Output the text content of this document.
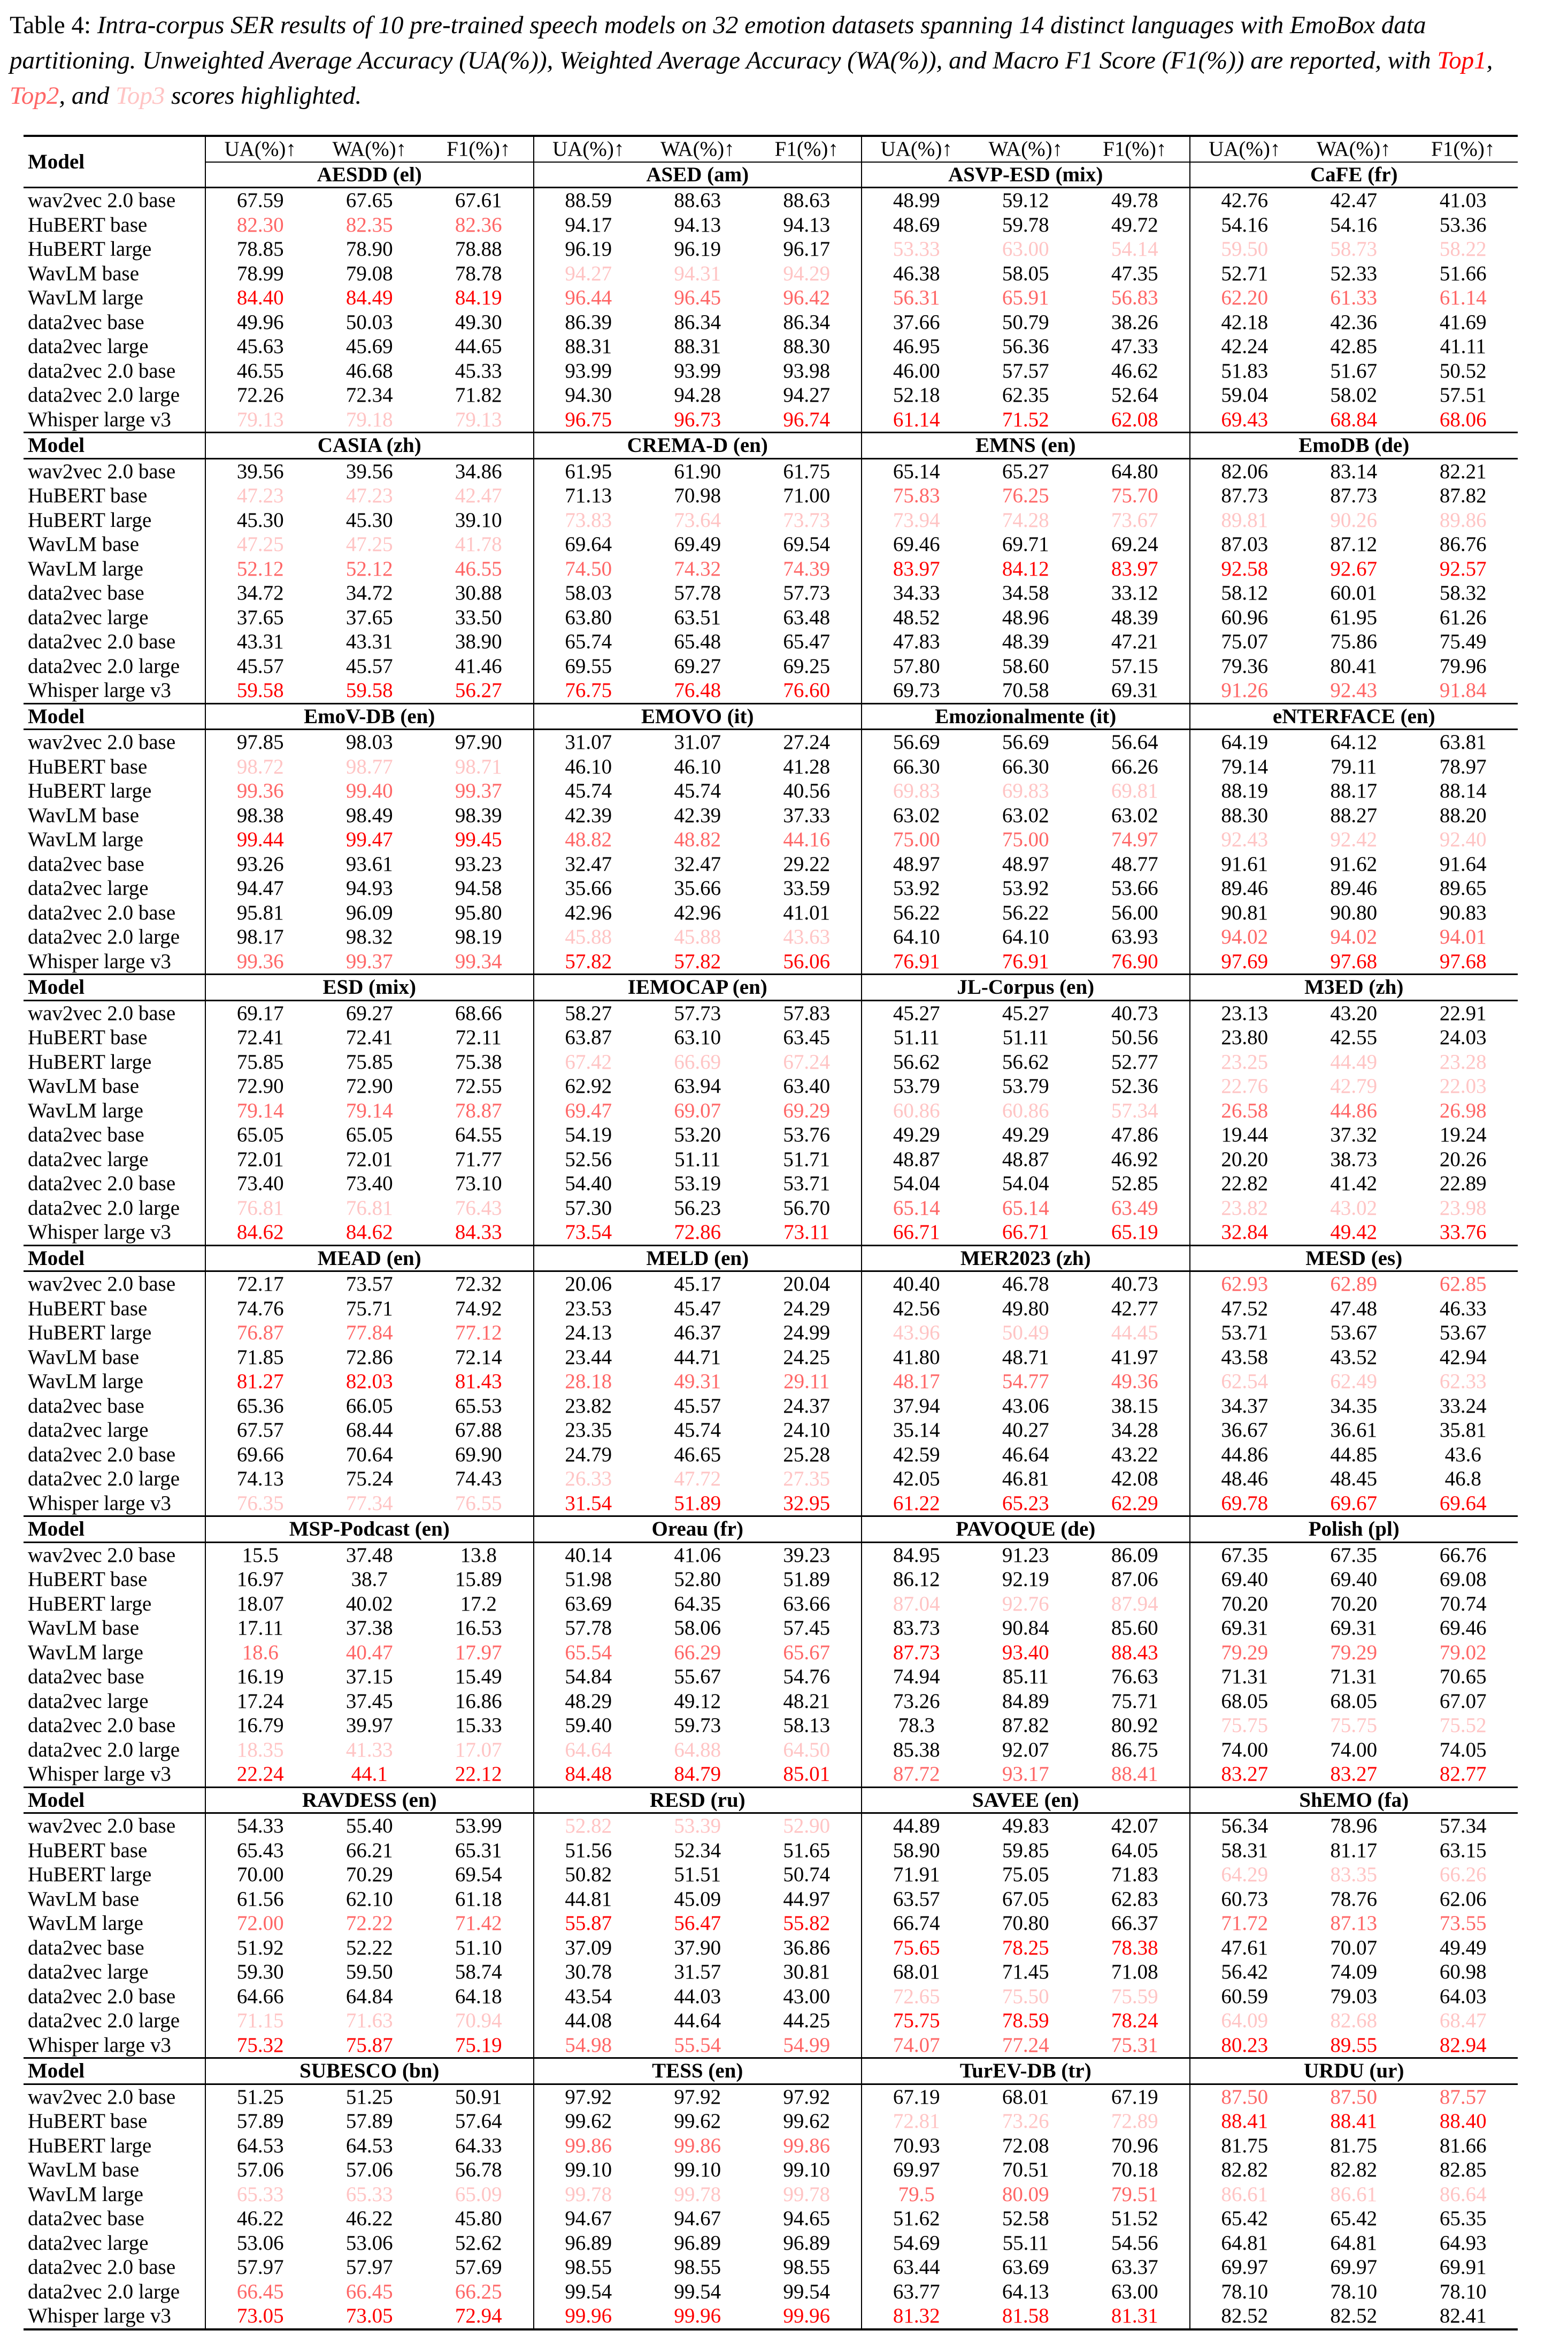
Table 4: Intra-corpus SER results of 10 pre-trained speech models on 32 emotion datasets spanning 14 distinct languages with EmoBox data partitioning. Unweighted Average Accuracy (UA(%)), Weighted Average Accuracy (WA(%)), and Macro F1 Score (F1(%)) are reported, with Top1, Top2, and Top3 scores highlighted.
Model	UA(%)↑	WA(%)↑	F1(%)↑	UA(%)↑	WA(%)↑	F1(%)↑	UA(%)↑	WA(%)↑	F1(%)↑	UA(%)↑	WA(%)↑	F1(%)↑
	AESDD (el)			ASED (am)			ASVP-ESD (mix)			CaFE (fr)		
wav2vec 2.0 base	67.59	67.65	67.61	88.59	88.63	88.63	48.99	59.12	49.78	42.76	42.47	41.03
HuBERT base	82.30	82.35	82.36	94.17	94.13	94.13	48.69	59.78	49.72	54.16	54.16	53.36
HuBERT large	78.85	78.90	78.88	96.19	96.19	96.17	53.33	63.00	54.14	59.50	58.73	58.22
WavLM base	78.99	79.08	78.78	94.27	94.31	94.29	46.38	58.05	47.35	52.71	52.33	51.66
WavLM large	84.40	84.49	84.19	96.44	96.45	96.42	56.31	65.91	56.83	62.20	61.33	61.14
data2vec base	49.96	50.03	49.30	86.39	86.34	86.34	37.66	50.79	38.26	42.18	42.36	41.69
data2vec large	45.63	45.69	44.65	88.31	88.31	88.30	46.95	56.36	47.33	42.24	42.85	41.11
data2vec 2.0 base	46.55	46.68	45.33	93.99	93.99	93.98	46.00	57.57	46.62	51.83	51.67	50.52
data2vec 2.0 large	72.26	72.34	71.82	94.30	94.28	94.27	52.18	62.35	52.64	59.04	58.02	57.51
Whisper large v3	79.13	79.18	79.13	96.75	96.73	96.74	61.14	71.52	62.08	69.43	68.84	68.06
Model	CASIA (zh)			CREMA-D (en)			EMNS (en)			EmoDB (de)		
wav2vec 2.0 base	39.56	39.56	34.86	61.95	61.90	61.75	65.14	65.27	64.80	82.06	83.14	82.21
HuBERT base	47.23	47.23	42.47	71.13	70.98	71.00	75.83	76.25	75.70	87.73	87.73	87.82
HuBERT large	45.30	45.30	39.10	73.83	73.64	73.73	73.94	74.28	73.67	89.81	90.26	89.86
WavLM base	47.25	47.25	41.78	69.64	69.49	69.54	69.46	69.71	69.24	87.03	87.12	86.76
WavLM large	52.12	52.12	46.55	74.50	74.32	74.39	83.97	84.12	83.97	92.58	92.67	92.57
data2vec base	34.72	34.72	30.88	58.03	57.78	57.73	34.33	34.58	33.12	58.12	60.01	58.32
data2vec large	37.65	37.65	33.50	63.80	63.51	63.48	48.52	48.96	48.39	60.96	61.95	61.26
data2vec 2.0 base	43.31	43.31	38.90	65.74	65.48	65.47	47.83	48.39	47.21	75.07	75.86	75.49
data2vec 2.0 large	45.57	45.57	41.46	69.55	69.27	69.25	57.80	58.60	57.15	79.36	80.41	79.96
Whisper large v3	59.58	59.58	56.27	76.75	76.48	76.60	69.73	70.58	69.31	91.26	92.43	91.84
Model	EmoV-DB (en)			EMOVO (it)			Emozionalmente (it)			eNTERFACE (en)		
wav2vec 2.0 base	97.85	98.03	97.90	31.07	31.07	27.24	56.69	56.69	56.64	64.19	64.12	63.81
HuBERT base	98.72	98.77	98.71	46.10	46.10	41.28	66.30	66.30	66.26	79.14	79.11	78.97
HuBERT large	99.36	99.40	99.37	45.74	45.74	40.56	69.83	69.83	69.81	88.19	88.17	88.14
WavLM base	98.38	98.49	98.39	42.39	42.39	37.33	63.02	63.02	63.02	88.30	88.27	88.20
WavLM large	99.44	99.47	99.45	48.82	48.82	44.16	75.00	75.00	74.97	92.43	92.42	92.40
data2vec base	93.26	93.61	93.23	32.47	32.47	29.22	48.97	48.97	48.77	91.61	91.62	91.64
data2vec large	94.47	94.93	94.58	35.66	35.66	33.59	53.92	53.92	53.66	89.46	89.46	89.65
data2vec 2.0 base	95.81	96.09	95.80	42.96	42.96	41.01	56.22	56.22	56.00	90.81	90.80	90.83
data2vec 2.0 large	98.17	98.32	98.19	45.88	45.88	43.63	64.10	64.10	63.93	94.02	94.02	94.01
Whisper large v3	99.36	99.37	99.34	57.82	57.82	56.06	76.91	76.91	76.90	97.69	97.68	97.68
Model	ESD (mix)			IEMOCAP (en)			JL-Corpus (en)			M3ED (zh)		
wav2vec 2.0 base	69.17	69.27	68.66	58.27	57.73	57.83	45.27	45.27	40.73	23.13	43.20	22.91
HuBERT base	72.41	72.41	72.11	63.87	63.10	63.45	51.11	51.11	50.56	23.80	42.55	24.03
HuBERT large	75.85	75.85	75.38	67.42	66.69	67.24	56.62	56.62	52.77	23.25	44.49	23.28
WavLM base	72.90	72.90	72.55	62.92	63.94	63.40	53.79	53.79	52.36	22.76	42.79	22.03
WavLM large	79.14	79.14	78.87	69.47	69.07	69.29	60.86	60.86	57.34	26.58	44.86	26.98
data2vec base	65.05	65.05	64.55	54.19	53.20	53.76	49.29	49.29	47.86	19.44	37.32	19.24
data2vec large	72.01	72.01	71.77	52.56	51.11	51.71	48.87	48.87	46.92	20.20	38.73	20.26
data2vec 2.0 base	73.40	73.40	73.10	54.40	53.19	53.71	54.04	54.04	52.85	22.82	41.42	22.89
data2vec 2.0 large	76.81	76.81	76.43	57.30	56.23	56.70	65.14	65.14	63.49	23.82	43.02	23.98
Whisper large v3	84.62	84.62	84.33	73.54	72.86	73.11	66.71	66.71	65.19	32.84	49.42	33.76
Model	MEAD (en)			MELD (en)			MER2023 (zh)			MESD (es)		
wav2vec 2.0 base	72.17	73.57	72.32	20.06	45.17	20.04	40.40	46.78	40.73	62.93	62.89	62.85
HuBERT base	74.76	75.71	74.92	23.53	45.47	24.29	42.56	49.80	42.77	47.52	47.48	46.33
HuBERT large	76.87	77.84	77.12	24.13	46.37	24.99	43.96	50.49	44.45	53.71	53.67	53.67
WavLM base	71.85	72.86	72.14	23.44	44.71	24.25	41.80	48.71	41.97	43.58	43.52	42.94
WavLM large	81.27	82.03	81.43	28.18	49.31	29.11	48.17	54.77	49.36	62.54	62.49	62.33
data2vec base	65.36	66.05	65.53	23.82	45.57	24.37	37.94	43.06	38.15	34.37	34.35	33.24
data2vec large	67.57	68.44	67.88	23.35	45.74	24.10	35.14	40.27	34.28	36.67	36.61	35.81
data2vec 2.0 base	69.66	70.64	69.90	24.79	46.65	25.28	42.59	46.64	43.22	44.86	44.85	43.6
data2vec 2.0 large	74.13	75.24	74.43	26.33	47.72	27.35	42.05	46.81	42.08	48.46	48.45	46.8
Whisper large v3	76.35	77.34	76.55	31.54	51.89	32.95	61.22	65.23	62.29	69.78	69.67	69.64
Model	MSP-Podcast (en)			Oreau (fr)			PAVOQUE (de)			Polish (pl)		
wav2vec 2.0 base	15.5	37.48	13.8	40.14	41.06	39.23	84.95	91.23	86.09	67.35	67.35	66.76
HuBERT base	16.97	38.7	15.89	51.98	52.80	51.89	86.12	92.19	87.06	69.40	69.40	69.08
HuBERT large	18.07	40.02	17.2	63.69	64.35	63.66	87.04	92.76	87.94	70.20	70.20	70.74
WavLM base	17.11	37.38	16.53	57.78	58.06	57.45	83.73	90.84	85.60	69.31	69.31	69.46
WavLM large	18.6	40.47	17.97	65.54	66.29	65.67	87.73	93.40	88.43	79.29	79.29	79.02
data2vec base	16.19	37.15	15.49	54.84	55.67	54.76	74.94	85.11	76.63	71.31	71.31	70.65
data2vec large	17.24	37.45	16.86	48.29	49.12	48.21	73.26	84.89	75.71	68.05	68.05	67.07
data2vec 2.0 base	16.79	39.97	15.33	59.40	59.73	58.13	78.3	87.82	80.92	75.75	75.75	75.52
data2vec 2.0 large	18.35	41.33	17.07	64.64	64.88	64.50	85.38	92.07	86.75	74.00	74.00	74.05
Whisper large v3	22.24	44.1	22.12	84.48	84.79	85.01	87.72	93.17	88.41	83.27	83.27	82.77
Model	RAVDESS (en)			RESD (ru)			SAVEE (en)			ShEMO (fa)		
wav2vec 2.0 base	54.33	55.40	53.99	52.82	53.39	52.90	44.89	49.83	42.07	56.34	78.96	57.34
HuBERT base	65.43	66.21	65.31	51.56	52.34	51.65	58.90	59.85	64.05	58.31	81.17	63.15
HuBERT large	70.00	70.29	69.54	50.82	51.51	50.74	71.91	75.05	71.83	64.29	83.35	66.26
WavLM base	61.56	62.10	61.18	44.81	45.09	44.97	63.57	67.05	62.83	60.73	78.76	62.06
WavLM large	72.00	72.22	71.42	55.87	56.47	55.82	66.74	70.80	66.37	71.72	87.13	73.55
data2vec base	51.92	52.22	51.10	37.09	37.90	36.86	75.65	78.25	78.38	47.61	70.07	49.49
data2vec large	59.30	59.50	58.74	30.78	31.57	30.81	68.01	71.45	71.08	56.42	74.09	60.98
data2vec 2.0 base	64.66	64.84	64.18	43.54	44.03	43.00	72.65	75.50	75.59	60.59	79.03	64.03
data2vec 2.0 large	71.15	71.63	70.94	44.08	44.64	44.25	75.75	78.59	78.24	64.09	82.68	68.47
Whisper large v3	75.32	75.87	75.19	54.98	55.54	54.99	74.07	77.24	75.31	80.23	89.55	82.94
Model	SUBESCO (bn)			TESS (en)			TurEV-DB (tr)			URDU (ur)		
wav2vec 2.0 base	51.25	51.25	50.91	97.92	97.92	97.92	67.19	68.01	67.19	87.50	87.50	87.57
HuBERT base	57.89	57.89	57.64	99.62	99.62	99.62	72.81	73.26	72.89	88.41	88.41	88.40
HuBERT large	64.53	64.53	64.33	99.86	99.86	99.86	70.93	72.08	70.96	81.75	81.75	81.66
WavLM base	57.06	57.06	56.78	99.10	99.10	99.10	69.97	70.51	70.18	82.82	82.82	82.85
WavLM large	65.33	65.33	65.09	99.78	99.78	99.78	79.5	80.09	79.51	86.61	86.61	86.64
data2vec base	46.22	46.22	45.80	94.67	94.67	94.65	51.62	52.58	51.52	65.42	65.42	65.35
data2vec large	53.06	53.06	52.62	96.89	96.89	96.89	54.69	55.11	54.56	64.81	64.81	64.93
data2vec 2.0 base	57.97	57.97	57.69	98.55	98.55	98.55	63.44	63.69	63.37	69.97	69.97	69.91
data2vec 2.0 large	66.45	66.45	66.25	99.54	99.54	99.54	63.77	64.13	63.00	78.10	78.10	78.10
Whisper large v3	73.05	73.05	72.94	99.96	99.96	99.96	81.32	81.58	81.31	82.52	82.52	82.41
